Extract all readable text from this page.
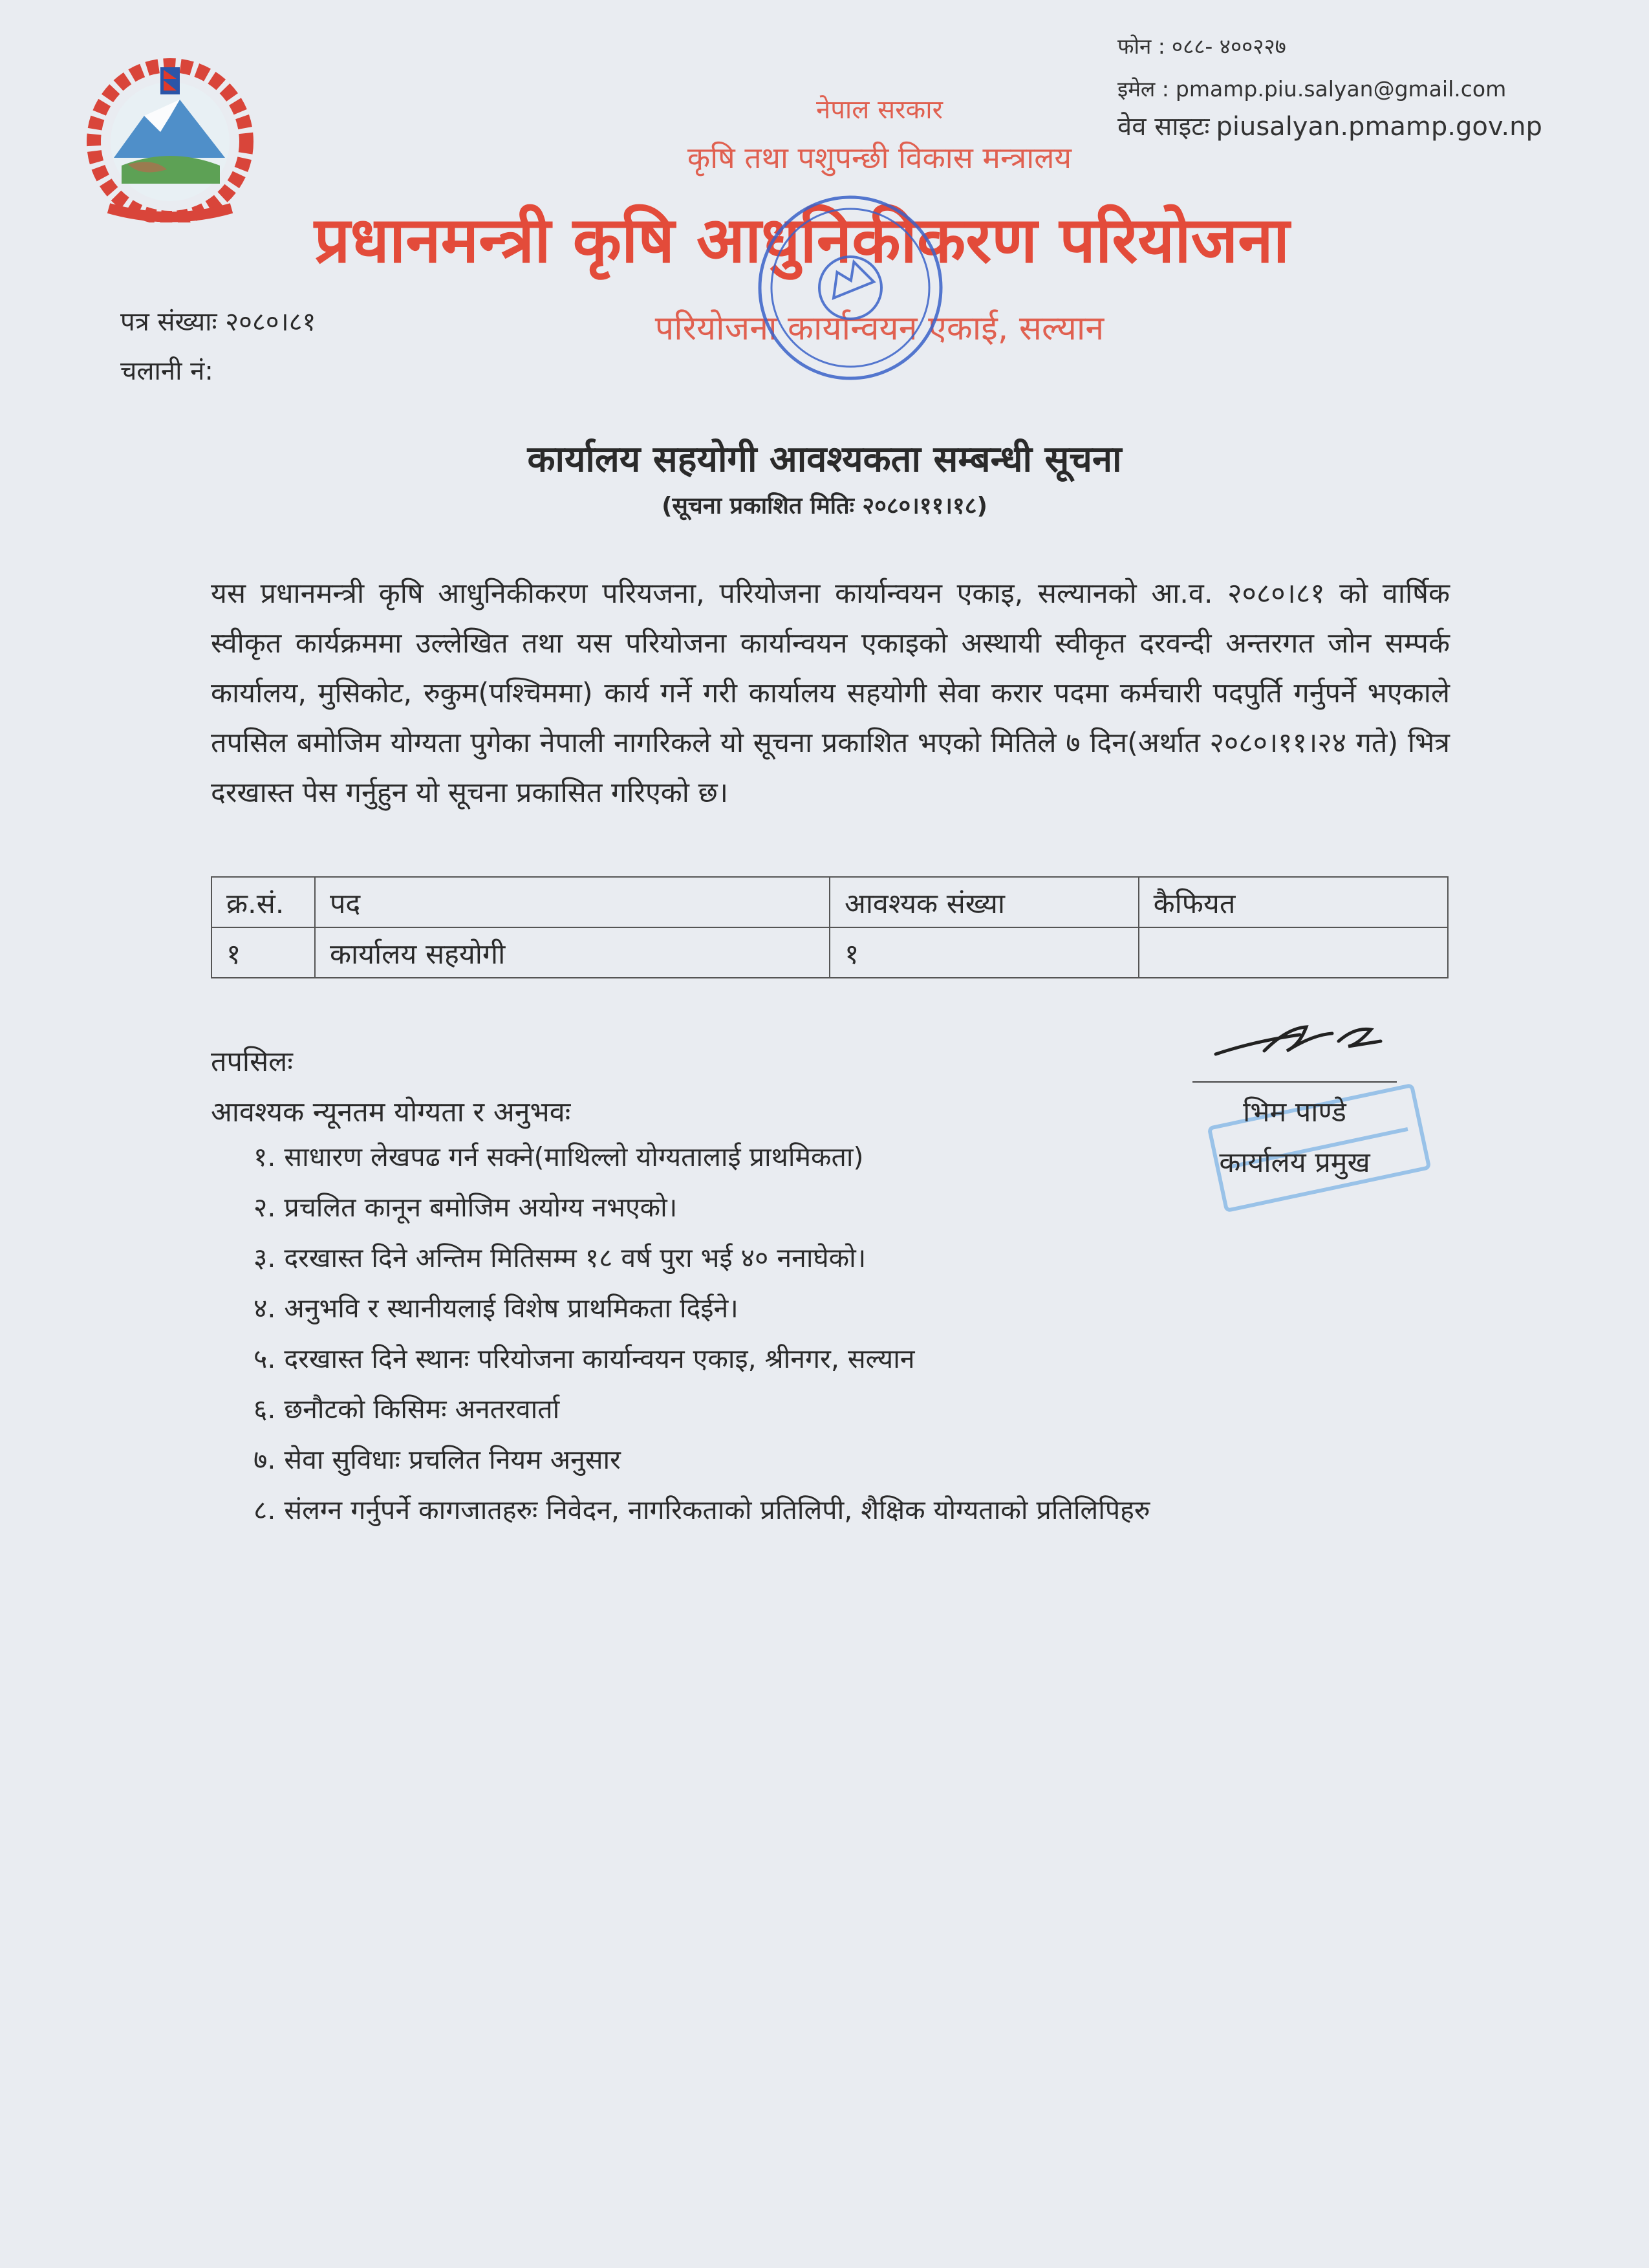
नेपाल सरकार
कृषि तथा पशुपन्छी विकास मन्त्रालय
प्रधानमन्त्री कृषि आधुनिकीकरण परियोजना
परियोजना कार्यान्वयन एकाई, सल्यान
फोन : ०८८- ४००२२७
इमेल : pmamp.piu.salyan@gmail.com
वेव साइटः piusalyan.pmamp.gov.np
पत्र संख्याः २०८०।८१
चलानी नं:
कार्यालय सहयोगी आवश्यकता सम्बन्धी सूचना
(सूचना प्रकाशित मितिः २०८०।११।१८)
यस प्रधानमन्त्री कृषि आधुनिकीकरण परियजना, परियोजना कार्यान्वयन एकाइ, सल्यानको आ.व. २०८०।८१ को वार्षिक स्वीकृत कार्यक्रममा उल्लेखित तथा यस परियोजना कार्यान्वयन एकाइको अस्थायी स्वीकृत दरवन्दी अन्तरगत जोन सम्पर्क कार्यालय, मुसिकोट, रुकुम(पश्चिममा) कार्य गर्ने गरी कार्यालय सहयोगी सेवा करार पदमा कर्मचारी पदपुर्ति गर्नुपर्ने भएकाले तपसिल बमोजिम योग्यता पुगेका नेपाली नागरिकले यो सूचना प्रकाशित भएको मितिले ७ दिन(अर्थात २०८०।११।२४ गते) भित्र दरखास्त पेस गर्नुहुन यो सूचना प्रकासित गरिएको छ।
क्र.सं.	पद	आवश्यक संख्या	कैफियत
१	कार्यालय सहयोगी	१	
तपसिलः
आवश्यक न्यूनतम योग्यता र अनुभवः
१. साधारण लेखपढ गर्न सक्ने(माथिल्लो योग्यतालाई प्राथमिकता)
२. प्रचलित कानून बमोजिम अयोग्य नभएको।
३. दरखास्त दिने अन्तिम मितिसम्म १८ वर्ष पुरा भई ४० ननाघेको।
४. अनुभवि र स्थानीयलाई विशेष प्राथमिकता दिईने।
५. दरखास्त दिने स्थानः परियोजना कार्यान्वयन एकाइ, श्रीनगर, सल्यान
६. छनौटको किसिमः अनतरवार्ता
७. सेवा सुविधाः प्रचलित नियम अनुसार
८. संलग्न गर्नुपर्ने कागजातहरुः निवेदन, नागरिकताको प्रतिलिपी, शैक्षिक योग्यताको प्रतिलिपिहरु
भिम पाण्डे
कार्यालय प्रमुख
